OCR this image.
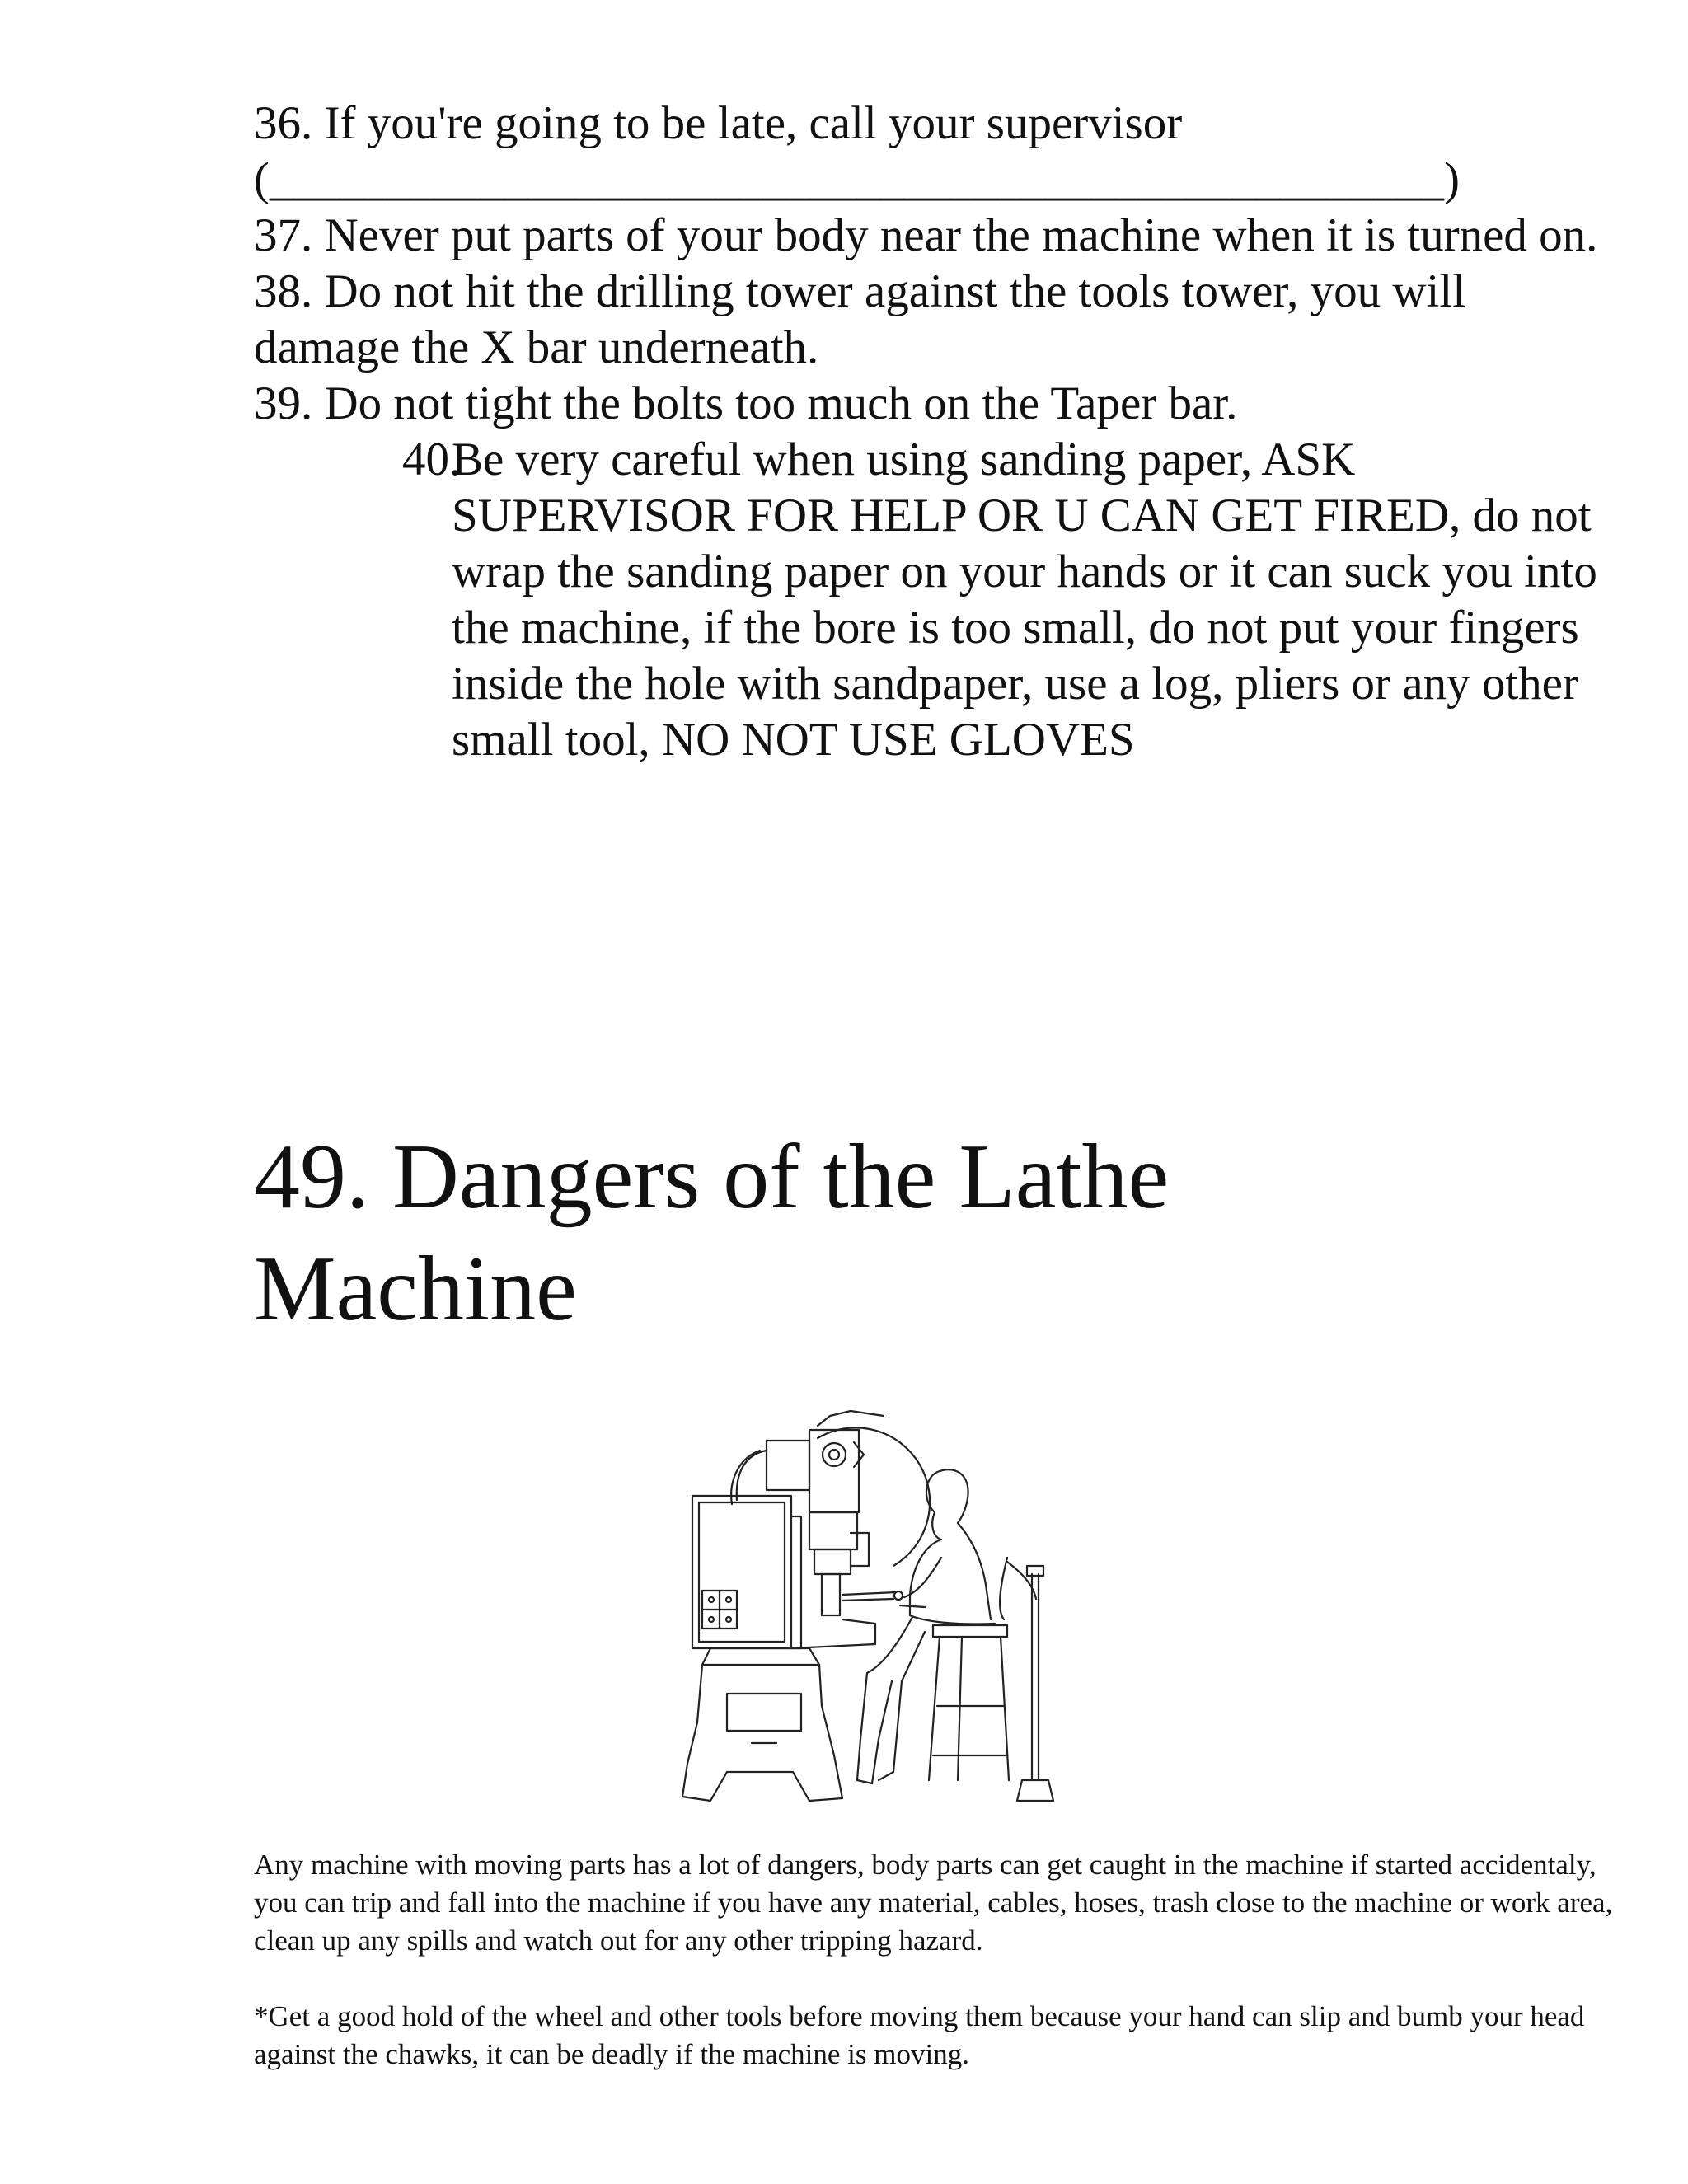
36. If you're going to be late, call your supervisor
(__________________________________________________)

37. Never put parts of your body near the machine when it is turned on.

38. Do not hit the drilling tower against the tools tower, you will damage the X bar underneath.

39. Do not tight the bolts too much on the Taper bar.

40.Be very careful when using sanding paper, ASK SUPERVISOR FOR HELP OR U CAN GET FIRED, do not wrap the sanding paper on your hands or it can suck you into the machine, if the bore is too small, do not put your fingers inside the hole with sandpaper, use a log, pliers or any other small tool, NO NOT USE GLOVES

49. Dangers of the Lathe
Machine

Any machine with moving parts has a lot of dangers, body parts can get caught in the machine if started accidentaly, you can trip and fall into the machine if you have any material, cables, hoses, trash close to the machine or work area, clean up any spills and watch out for any other tripping hazard.

*Get a good hold of the wheel and other tools before moving them because your hand can slip and bumb your head against the chawks, it can be deadly if the machine is moving.
